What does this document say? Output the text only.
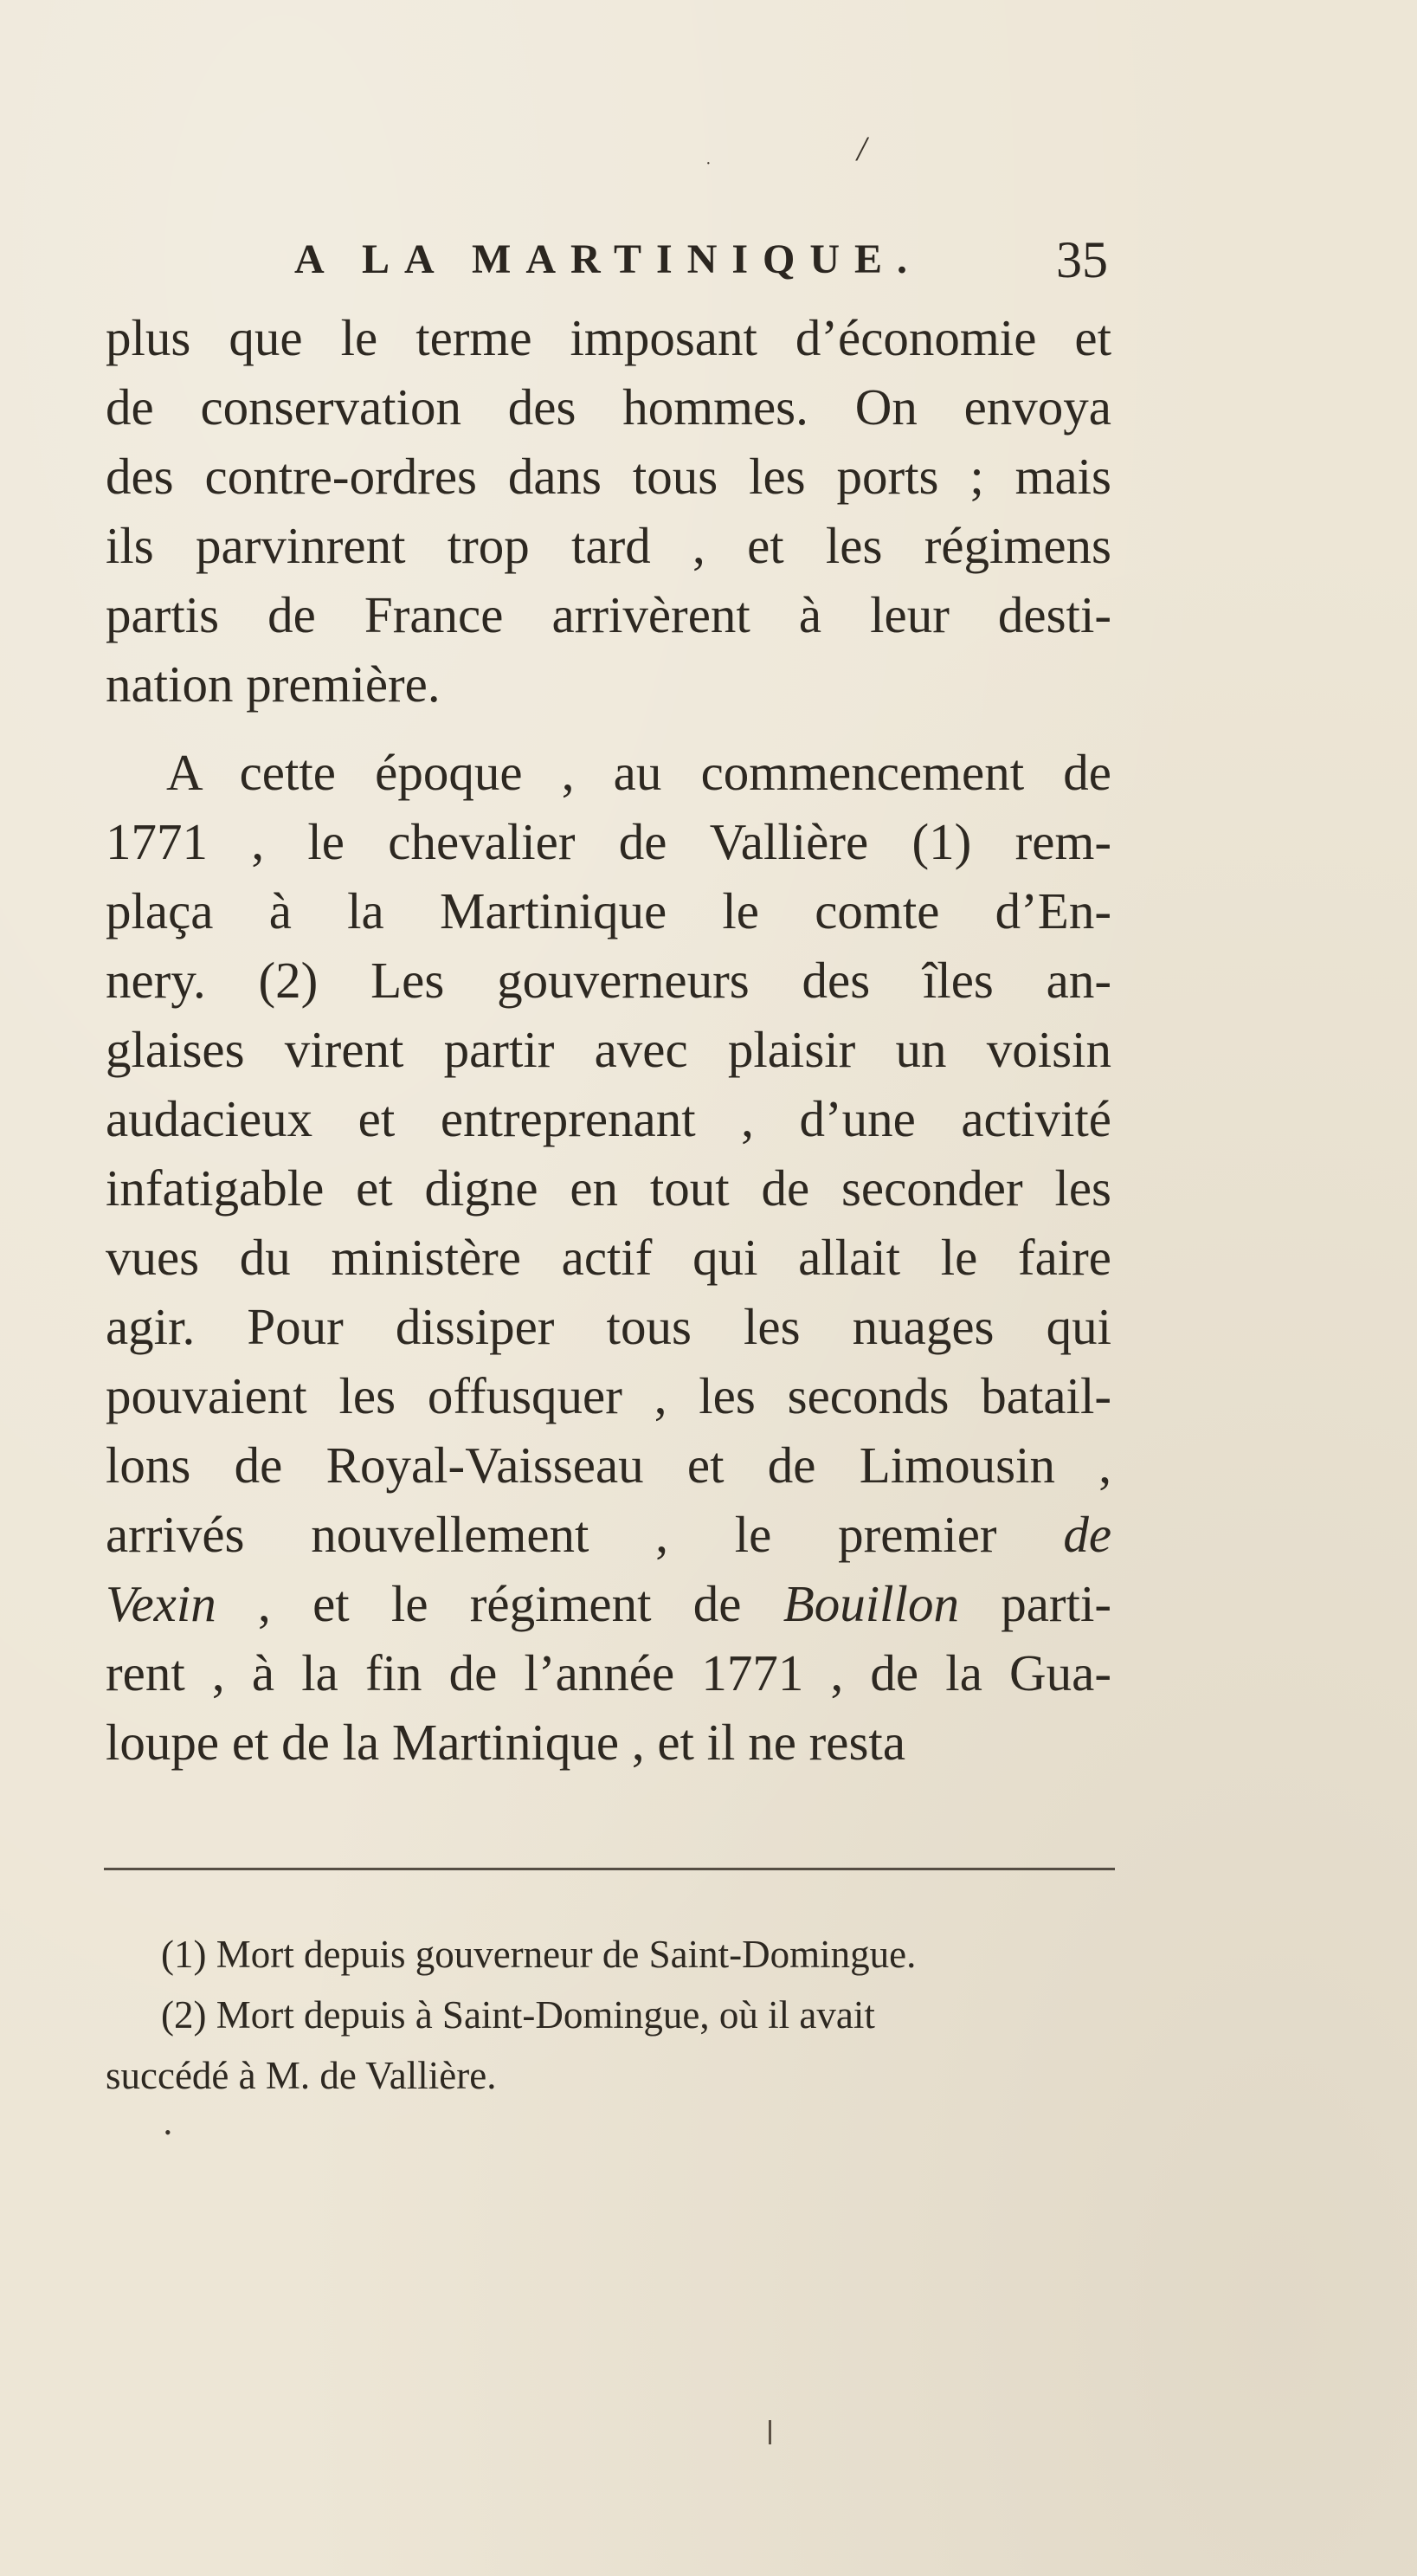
/
·
A LA MARTINIQUE.	35
plus que le terme imposant d’économie et
de conservation des hommes. On envoya
des contre-ordres dans tous les ports ; mais
ils parvinrent trop tard , et les régimens
partis de France arrivèrent à leur desti-
nation première.
A cette époque , au commencement de
1771 , le chevalier de Vallière (1) rem-
plaça à la Martinique le comte d’En-
nery. (2) Les gouverneurs des îles an-
glaises virent partir avec plaisir un voisin
audacieux et entreprenant , d’une activité
infatigable et digne en tout de seconder les
vues du ministère actif qui allait le faire
agir. Pour dissiper tous les nuages qui
pouvaient les offusquer , les seconds batail-
lons de Royal-Vaisseau et de Limousin ,
arrivés nouvellement , le premier de
Vexin , et le régiment de Bouillon parti-
rent , à la fin de l’année 1771 , de la Gua-
loupe et de la Martinique , et il ne resta
(1) Mort depuis gouverneur de Saint-Domingue.
(2) Mort depuis à Saint-Domingue, où il avait
succédé à M. de Vallière.
•
